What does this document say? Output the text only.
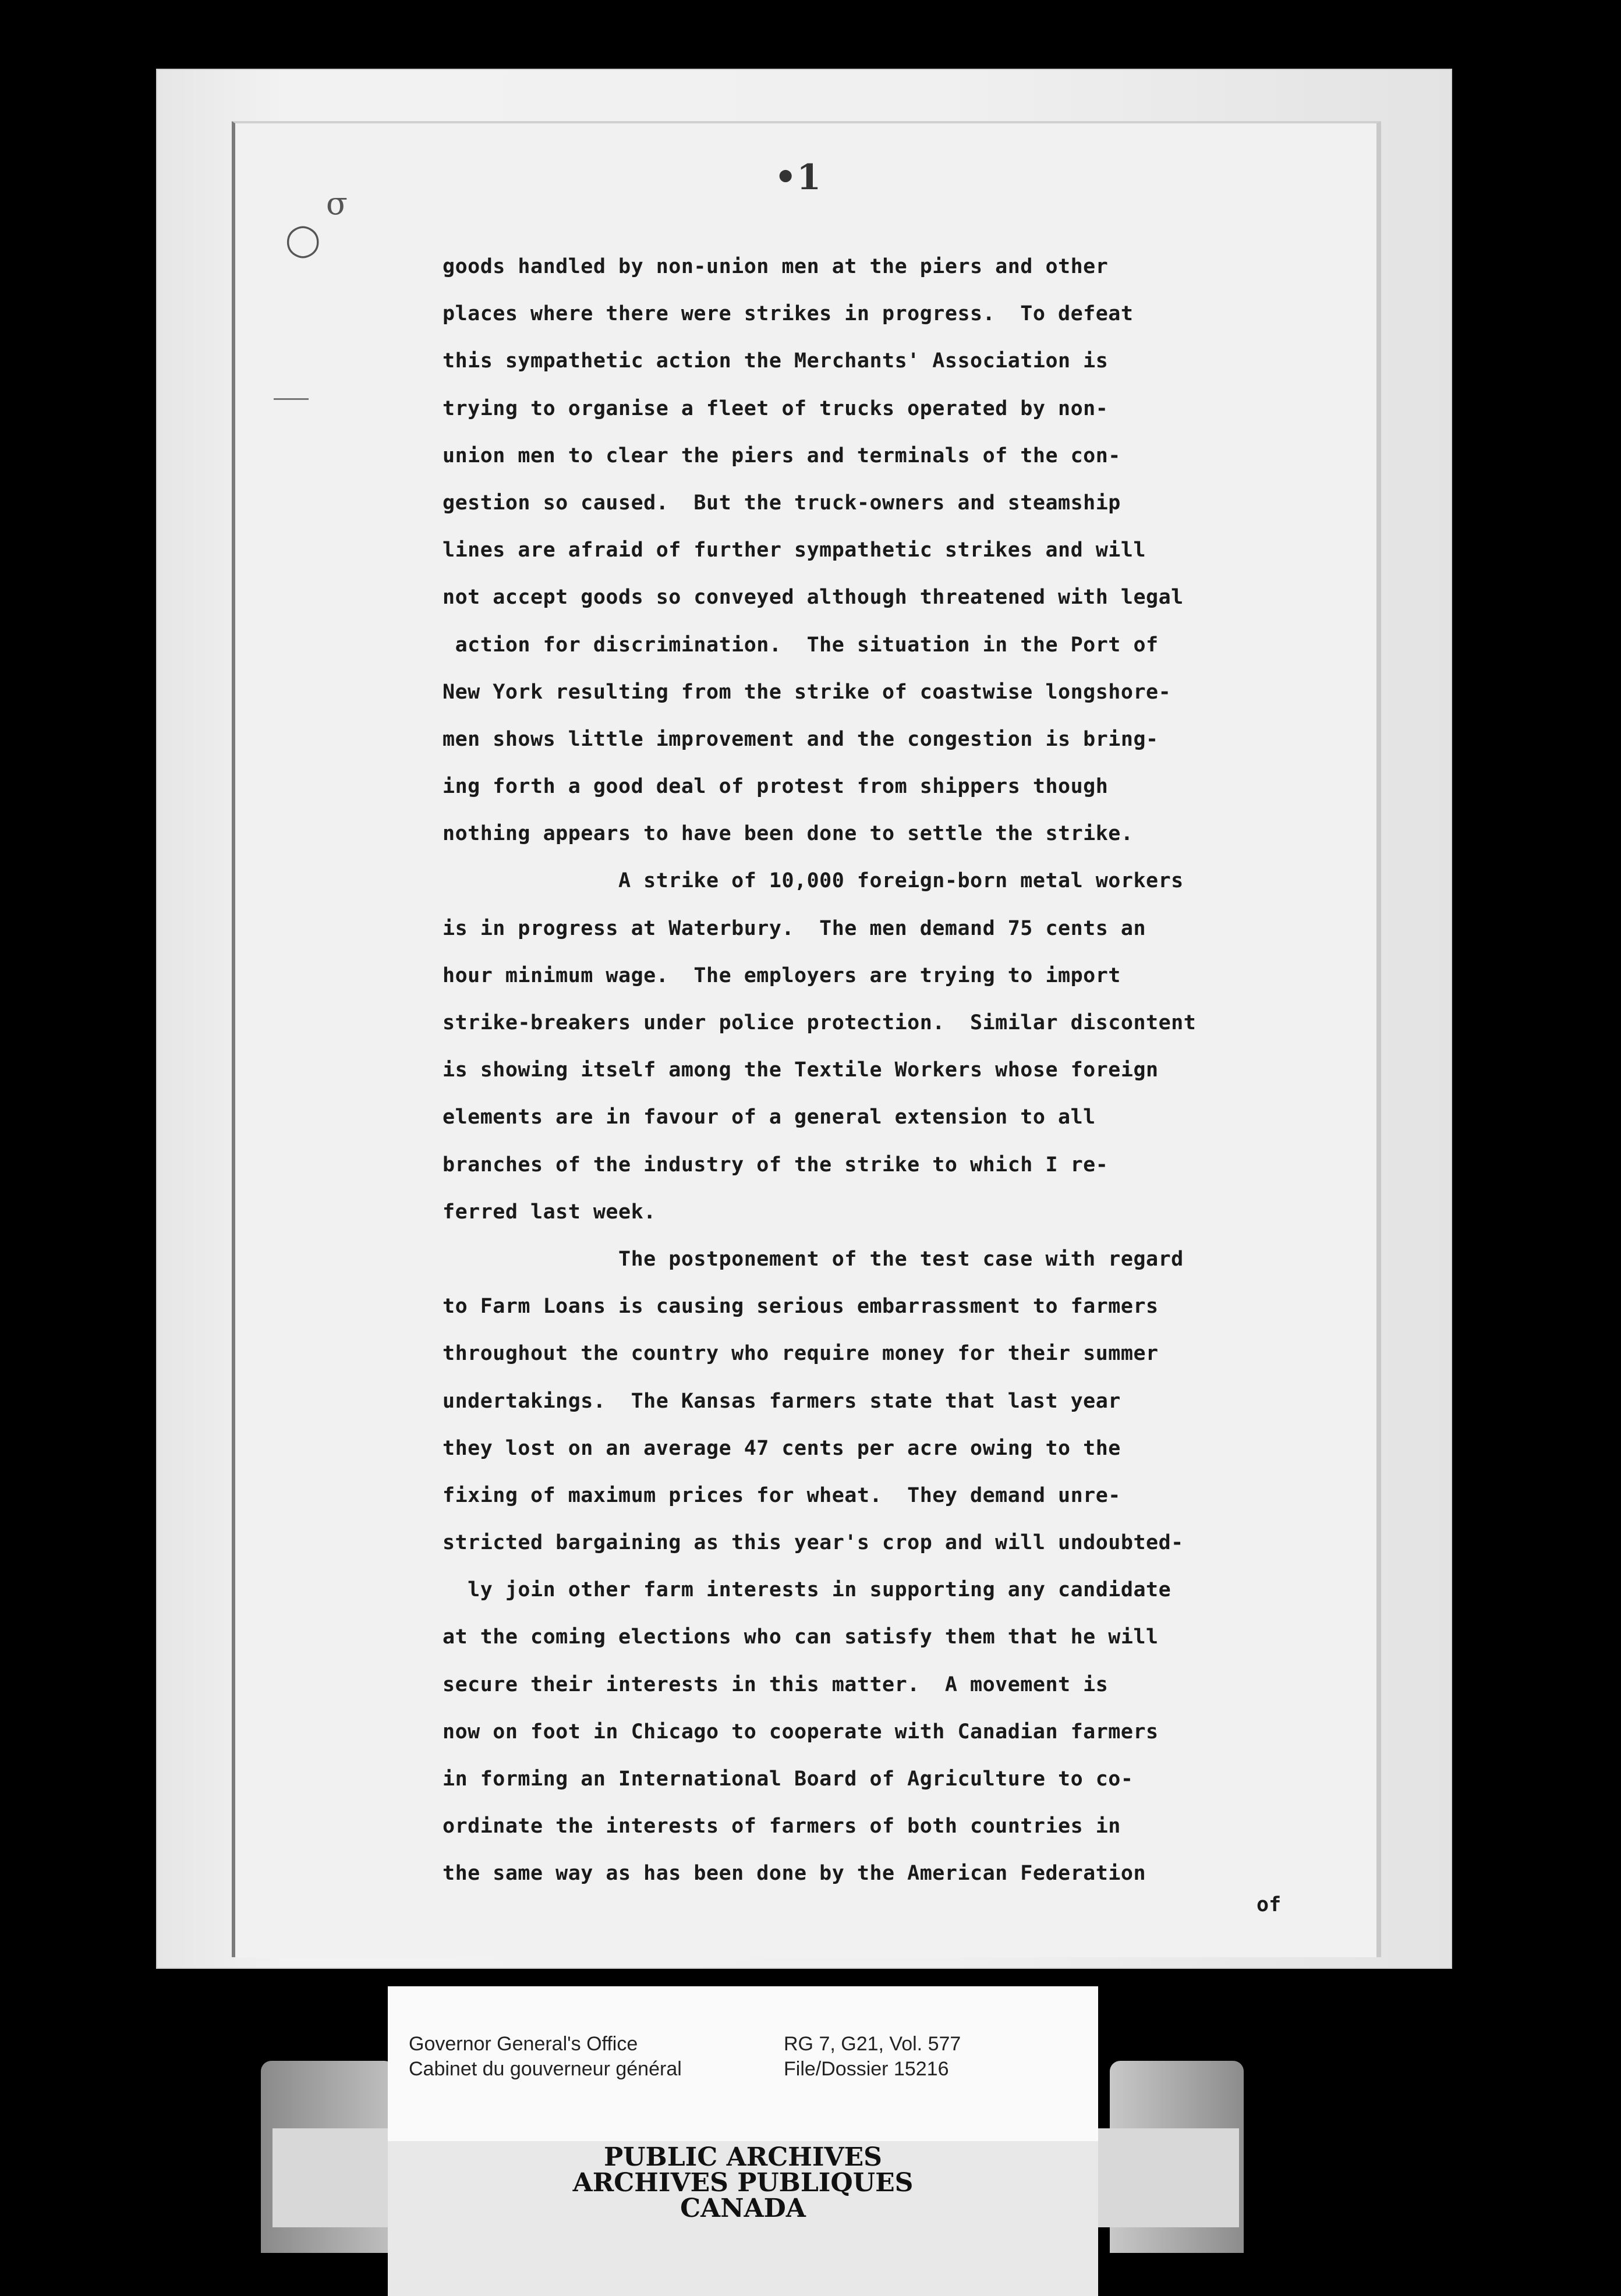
σ
◯
•1
goods handled by non-union men at the piers and other
places where there were strikes in progress.  To defeat
this sympathetic action the Merchants' Association is
trying to organise a fleet of trucks operated by non-
union men to clear the piers and terminals of the con-
gestion so caused.  But the truck-owners and steamship
lines are afraid of further sympathetic strikes and will
not accept goods so conveyed although threatened with legal
action for discrimination.  The situation in the Port of
New York resulting from the strike of coastwise longshore-
men shows little improvement and the congestion is bring-
ing forth a good deal of protest from shippers though
nothing appears to have been done to settle the strike.
A strike of 10,000 foreign-born metal workers
is in progress at Waterbury.  The men demand 75 cents an
hour minimum wage.  The employers are trying to import
strike-breakers under police protection.  Similar discontent
is showing itself among the Textile Workers whose foreign
elements are in favour of a general extension to all
branches of the industry of the strike to which I re-
ferred last week.
The postponement of the test case with regard
to Farm Loans is causing serious embarrassment to farmers
throughout the country who require money for their summer
undertakings.  The Kansas farmers state that last year
they lost on an average 47 cents per acre owing to the
fixing of maximum prices for wheat.  They demand unre-
stricted bargaining as this year's crop and will undoubted-
ly join other farm interests in supporting any candidate
at the coming elections who can satisfy them that he will
secure their interests in this matter.  A movement is
now on foot in Chicago to cooperate with Canadian farmers
in forming an International Board of Agriculture to co-
ordinate the interests of farmers of both countries in
the same way as has been done by the American Federation
of
Governor General's Office
Cabinet du gouverneur général
RG 7, G21, Vol. 577
File/Dossier 15216
PUBLIC ARCHIVES
ARCHIVES PUBLIQUES
CANADA
